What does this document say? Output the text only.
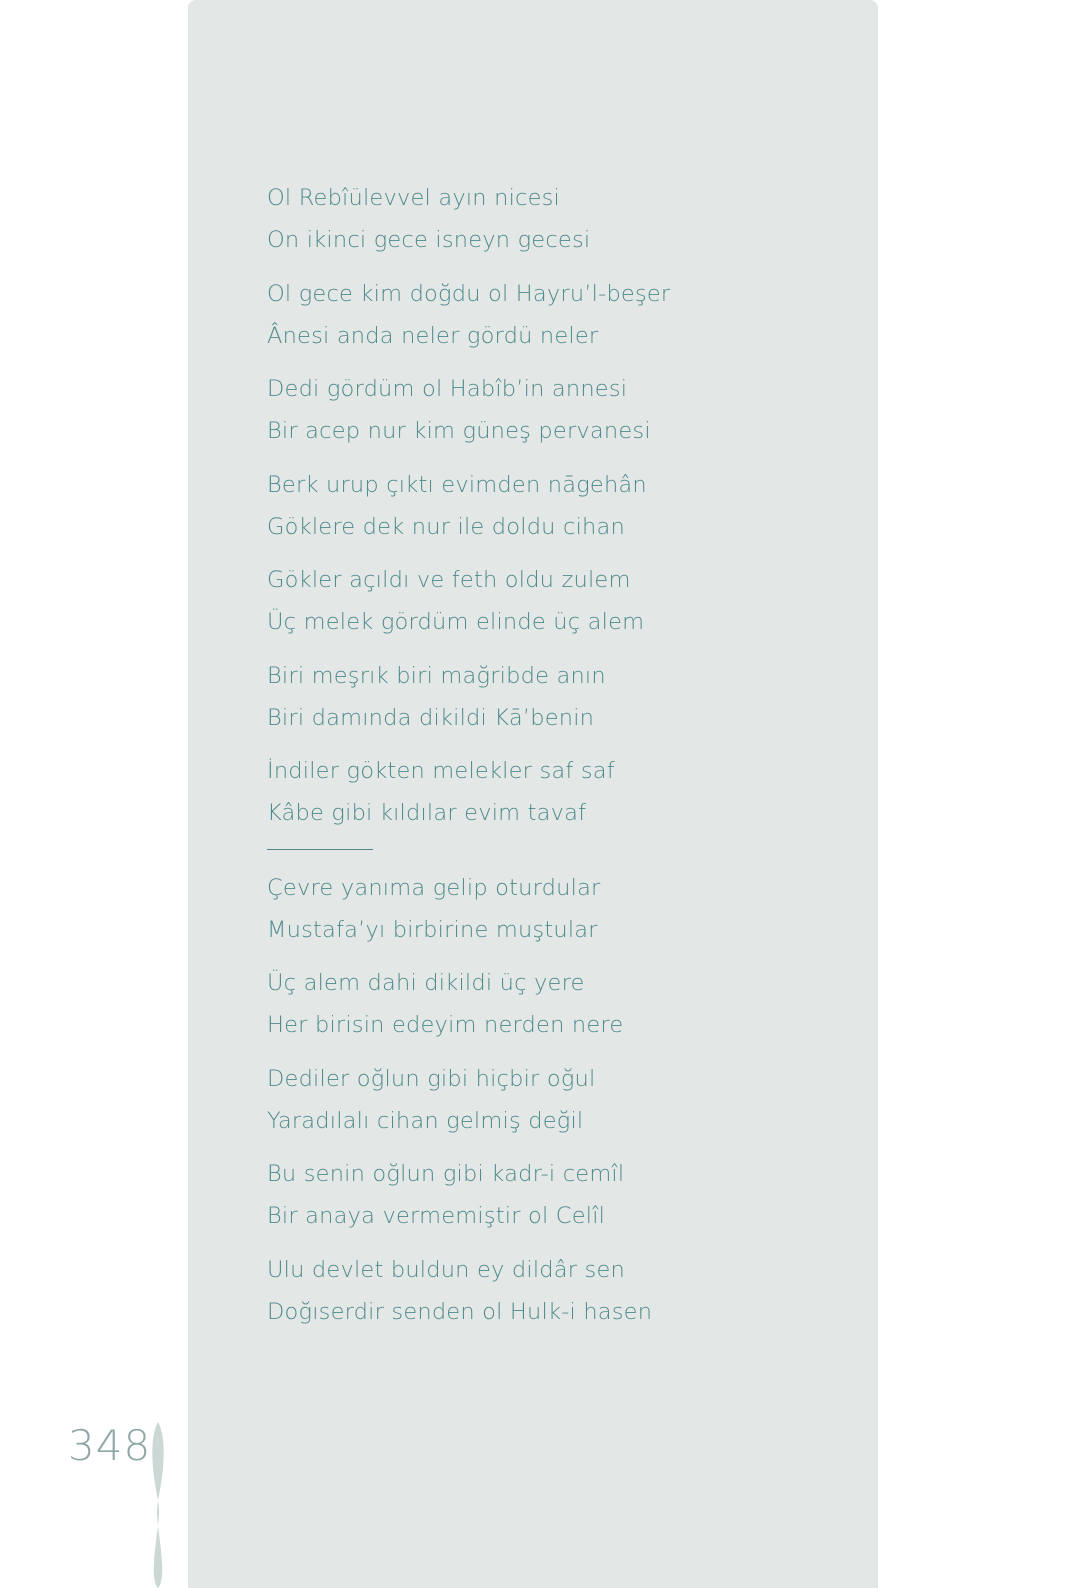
Ol Rebîülevvel ayın nicesi
On ikinci gece isneyn gecesi
Ol gece kim doğdu ol Hayru’l-beşer
Ânesi anda neler gördü neler
Dedi gördüm ol Habîb’in annesi
Bir acep nur kim güneş pervanesi
Berk urup çıktı evimden nāgehân
Göklere dek nur ile doldu cihan
Gökler açıldı ve feth oldu zulem
Üç melek gördüm elinde üç alem
Biri meşrık biri mağribde anın
Biri damında dikildi Kā’benin
İndiler gökten melekler saf saf
Kâbe gibi kıldılar evim tavaf
Çevre yanıma gelip oturdular
Mustafa’yı birbirine muştular
Üç alem dahi dikildi üç yere
Her birisin edeyim nerden nere
Dediler oğlun gibi hiçbir oğul
Yaradılalı cihan gelmiş değil
Bu senin oğlun gibi kadr-i cemîl
Bir anaya vermemiştir ol Celîl
Ulu devlet buldun ey dildâr sen
Doğıserdir senden ol Hulk-i hasen
348
